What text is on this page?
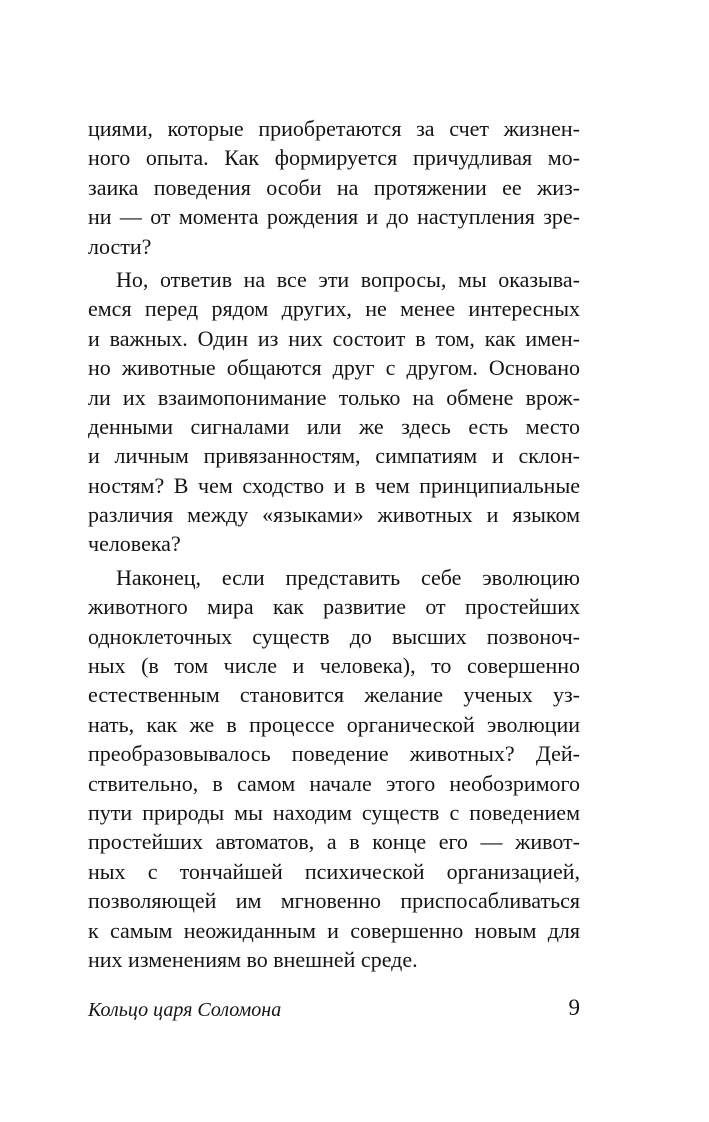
циями, которые приобретаются за счет жизнен-
ного опыта. Как формируется причудливая мо-
заика поведения особи на протяжении ее жиз-
ни — от момента рождения и до наступления зре-
лости?
Но, ответив на все эти вопросы, мы оказыва-
емся перед рядом других, не менее интересных
и важных. Один из них состоит в том, как имен-
но животные общаются друг с другом. Основано
ли их взаимопонимание только на обмене врож-
денными сигналами или же здесь есть место
и личным привязанностям, симпатиям и склон-
ностям? В чем сходство и в чем принципиальные
различия между «языками» животных и языком
человека?
Наконец, если представить себе эволюцию
животного мира как развитие от простейших
одноклеточных существ до высших позвоноч-
ных (в том числе и человека), то совершенно
естественным становится желание ученых уз-
нать, как же в процессе органической эволюции
преобразовывалось поведение животных? Дей-
ствительно, в самом начале этого необозримого
пути природы мы находим существ с поведением
простейших автоматов, а в конце его — живот-
ных с тончайшей психической организацией,
позволяющей им мгновенно приспосабливаться
к самым неожиданным и совершенно новым для
них изменениям во внешней среде.
Кольцо царя Соломона	9
